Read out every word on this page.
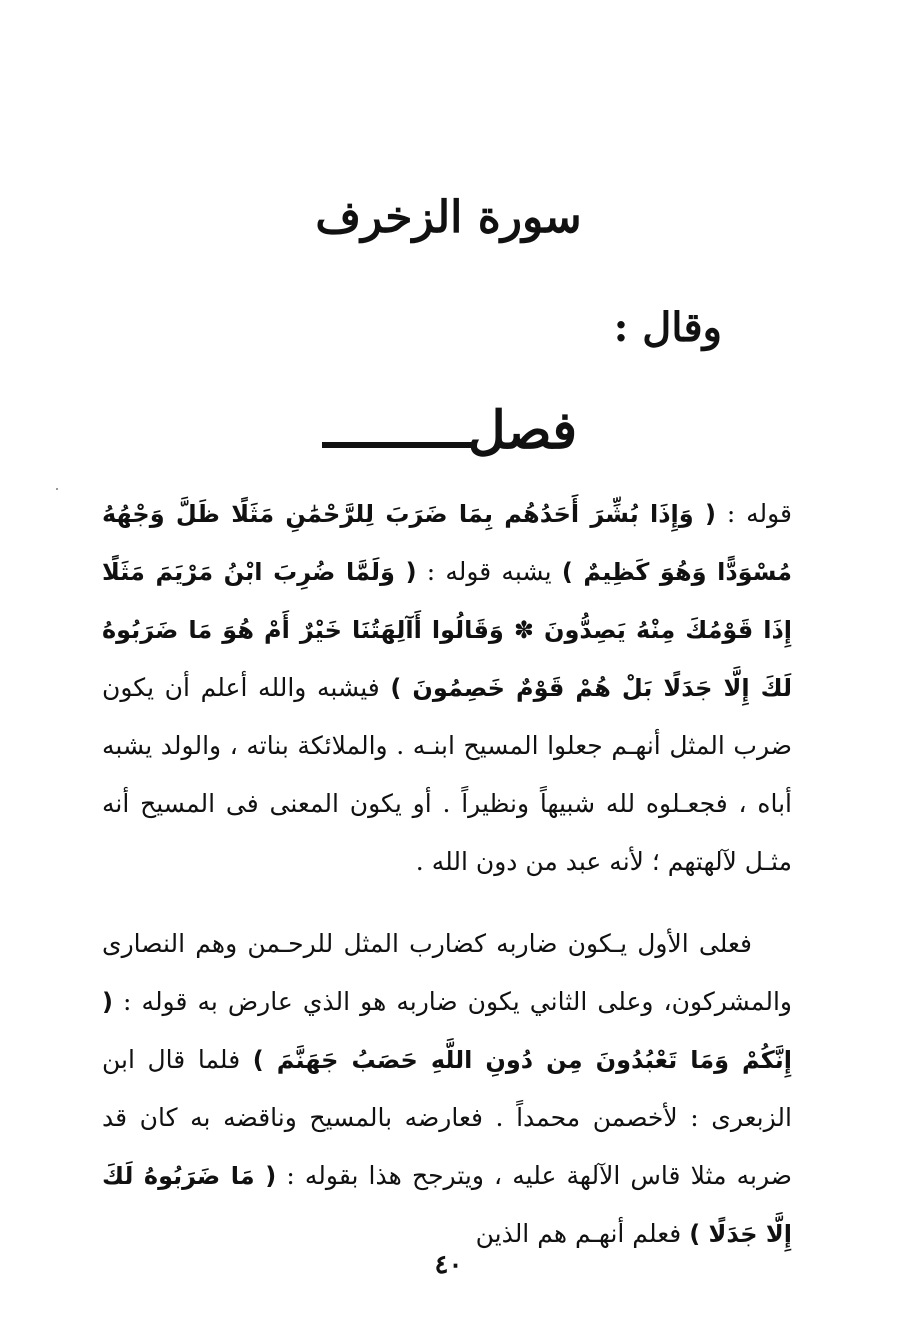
سورة الزخرف
وقال :
فصل
قوله : ( وَإِذَا بُشِّرَ أَحَدُهُم بِمَا ضَرَبَ لِلرَّحْمَٰنِ مَثَلًا ظَلَّ وَجْهُهُ مُسْوَدًّا وَهُوَ كَظِيمٌ ) يشبه قوله : ( وَلَمَّا ضُرِبَ ابْنُ مَرْيَمَ مَثَلًا إِذَا قَوْمُكَ مِنْهُ يَصِدُّونَ ✽ وَقَالُوا أَآلِهَتُنَا خَيْرٌ أَمْ هُوَ مَا ضَرَبُوهُ لَكَ إِلَّا جَدَلًا بَلْ هُمْ قَوْمٌ خَصِمُونَ ) فيشبه والله أعلم أن يكون ضرب المثل أنهـم جعلوا المسيح ابنـه . والملائكة بناته ، والولد يشبه أباه ، فجعـلوه لله شبيهاً ونظيراً . أو يكون المعنى فى المسيح أنه مثـل لآلهتهم ؛ لأنه عبد من دون الله .
فعلى الأول يـكون ضاربه كضارب المثل للرحـمن وهم النصارى والمشركون، وعلى الثاني يكون ضاربه هو الذي عارض به قوله : ( إِنَّكُمْ وَمَا تَعْبُدُونَ مِن دُونِ اللَّهِ حَصَبُ جَهَنَّمَ ) فلما قال ابن الزبعرى : لأخصمن محمداً . فعارضه بالمسيح وناقضه به كان قد ضربه مثلا قاس الآلهة عليه ، ويترجح هذا بقوله : ( مَا ضَرَبُوهُ لَكَ إِلَّا جَدَلًا ) فعلم أنهـم هم الذين
٤٠
